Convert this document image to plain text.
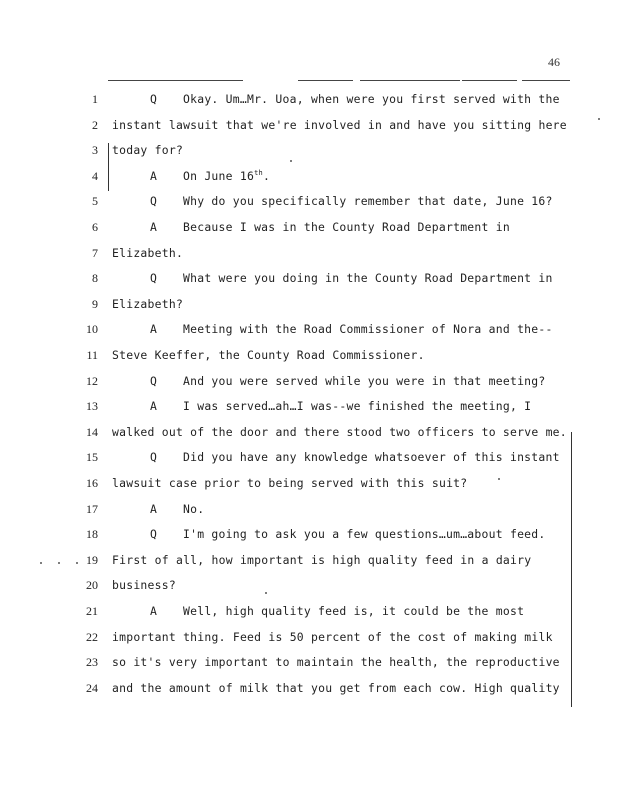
46
1	Q Okay. Um…Mr. Uoa, when were you first served with the
2 instant lawsuit that we're involved in and have you sitting here
3 today for?
4	A On June 16th.
5	Q Why do you specifically remember that date, June 16?
6	A Because I was in the County Road Department in
7 Elizabeth.
8	Q What were you doing in the County Road Department in
9 Elizabeth?
10	A Meeting with the Road Commissioner of Nora and the--
11 Steve Keeffer, the County Road Commissioner.
12	Q And you were served while you were in that meeting?
13	A I was served…ah…I was--we finished the meeting, I
14 walked out of the door and there stood two officers to serve me.
15	Q Did you have any knowledge whatsoever of this instant
16 lawsuit case prior to being served with this suit?
17	A No.
18	Q I'm going to ask you a few questions…um…about feed.
19 First of all, how important is high quality feed in a dairy
20 business?
21	A Well, high quality feed is, it could be the most
22 important thing. Feed is 50 percent of the cost of making milk
23 so it's very important to maintain the health, the reproductive
24 and the amount of milk that you get from each cow. High quality
